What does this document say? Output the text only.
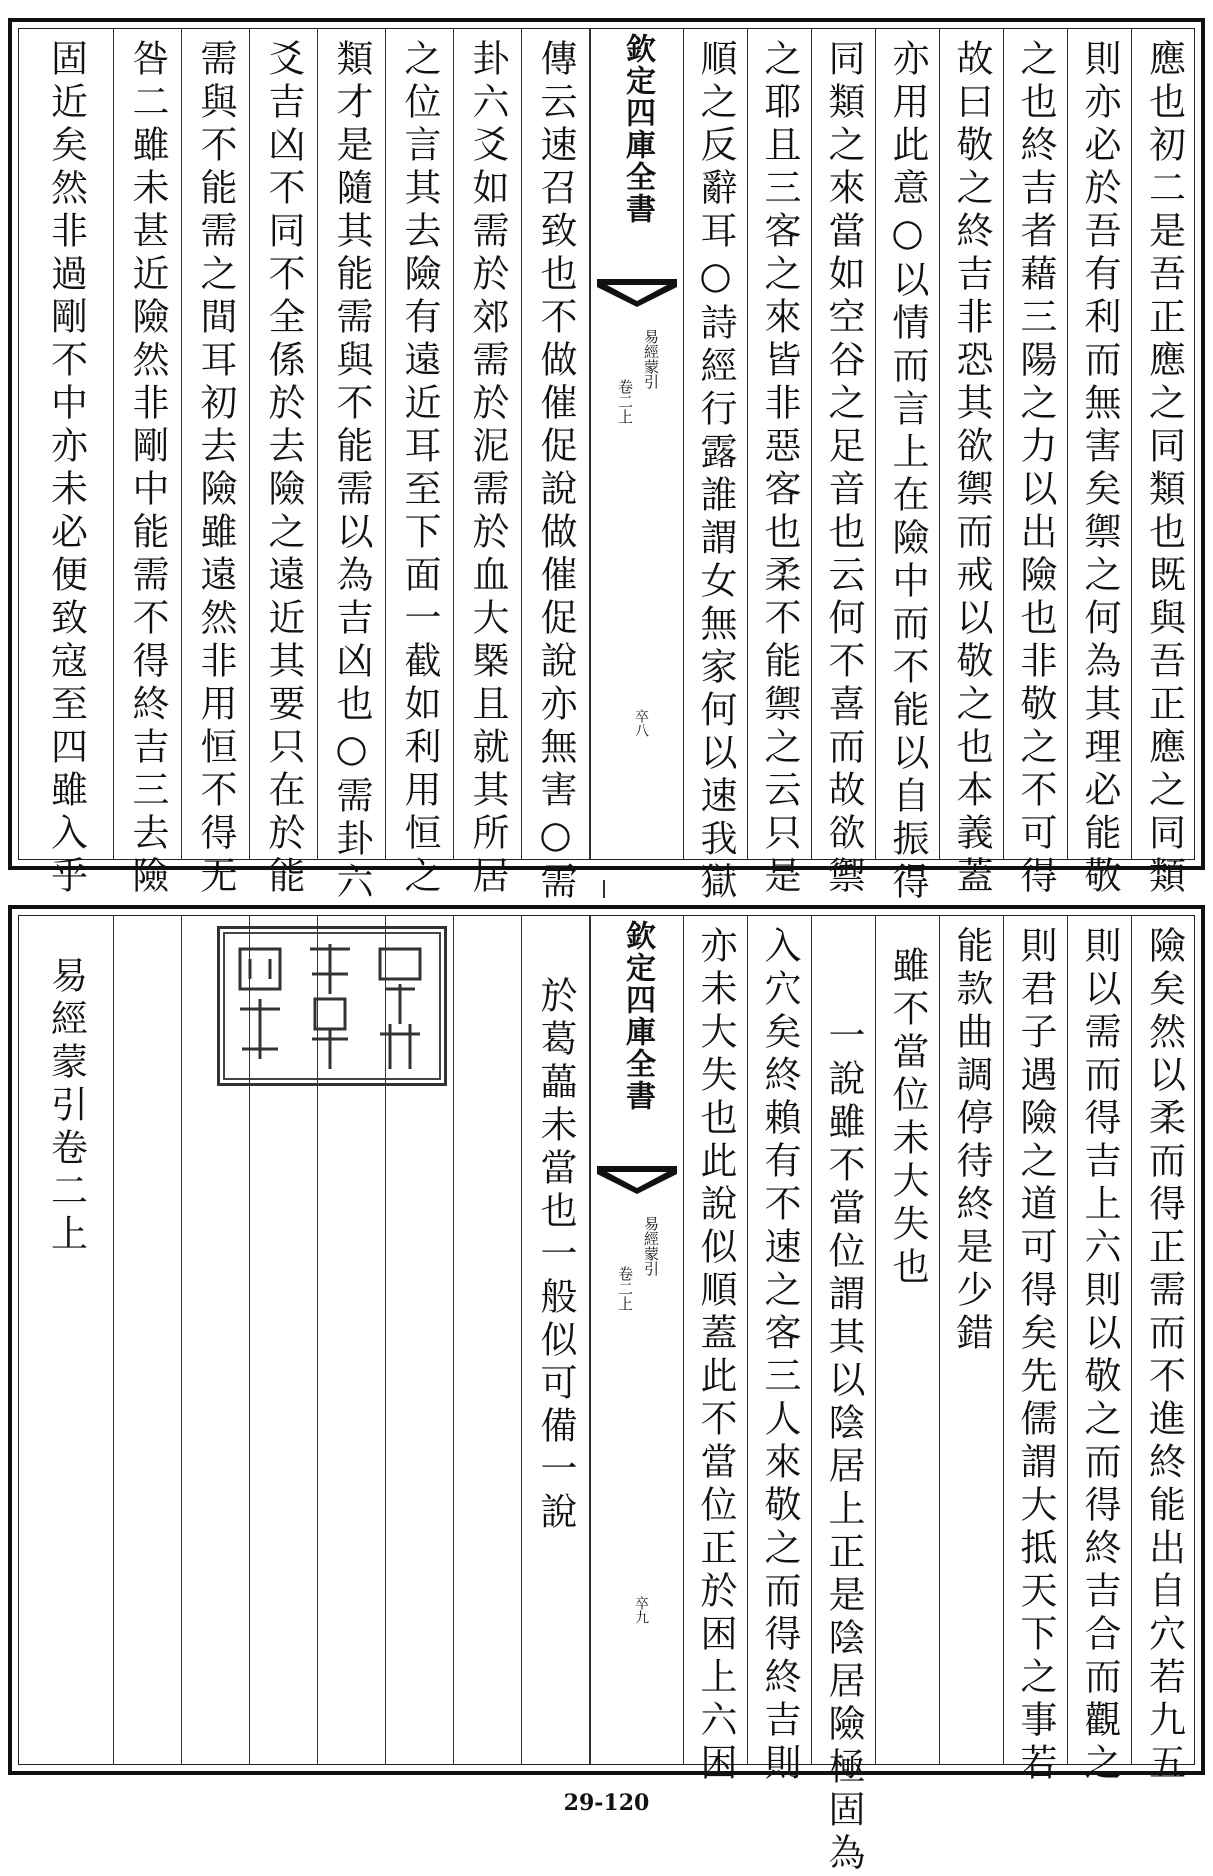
應也初二是吾正應之同類也既與吾正應之同類
則亦必於吾有利而無害矣禦之何為其理必能敬
之也終吉者藉三陽之力以出險也非敬之不可得
故曰敬之終吉非恐其欲禦而戒以敬之也本義蓋
亦用此意○以情而言上在險中而不能以自振得
同類之來當如空谷之足音也云何不喜而故欲禦
之耶且三客之來皆非惡客也柔不能禦之云只是
順之反辭耳○詩經行露誰謂女無家何以速我獄
欽定四庫全書
易經蒙引
卷二上
卒八
傳云速召致也不做催促說做催促說亦無害○需
卦六爻如需於郊需於泥需於血大槩且就其所居
之位言其去險有遠近耳至下面一截如利用恒之
類才是隨其能需與不能需以為吉凶也○需卦六
爻吉凶不同不全係於去險之遠近其要只在於能
需與不能需之間耳初去險雖遠然非用恒不得无
咎二雖未甚近險然非剛中能需不得終吉三去險
固近矣然非過剛不中亦未必便致寇至四雖入乎
險矣然以柔而得正需而不進終能出自穴若九五
則以需而得吉上六則以敬之而得終吉合而觀之
則君子遇險之道可得矣先儒謂大抵天下之事若
能款曲調停待終是少錯
雖不當位未大失也
一說雖不當位謂其以陰居上正是陰居險極固為
入穴矣終賴有不速之客三人來敬之而得終吉則
亦未大失也此說似順蓋此不當位正於困上六困
欽定四庫全書
易經蒙引
卷二上
卒九
於葛藟未當也一般似可備一說
易經蒙引卷二上
29-120
